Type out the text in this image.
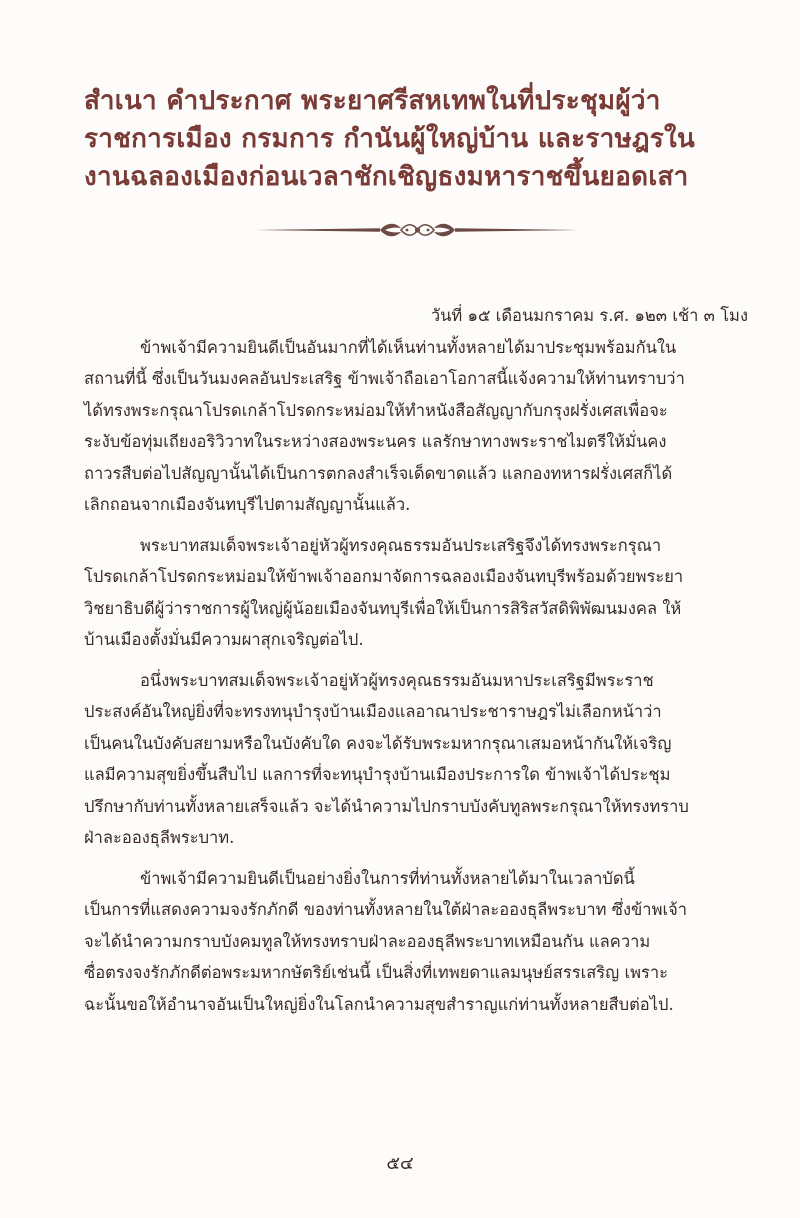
สำเนา คำประกาศ พระยาศรีสหเทพในที่ประชุมผู้ว่า
ราชการเมือง กรมการ กำนันผู้ใหญ่บ้าน และราษฎรใน
งานฉลองเมืองก่อนเวลาชักเชิญธงมหาราชขึ้นยอดเสา
วันที่ ๑๕ เดือนมกราคม ร.ศ. ๑๒๓ เช้า ๓ โมง
ข้าพเจ้ามีความยินดีเป็นอันมากที่ได้เห็นท่านทั้งหลายได้มาประชุมพร้อมกันใน
สถานที่นี้ ซึ่งเป็นวันมงคลอันประเสริฐ ข้าพเจ้าถือเอาโอกาสนี้แจ้งความให้ท่านทราบว่า
ได้ทรงพระกรุณาโปรดเกล้าโปรดกระหม่อมให้ทำหนังสือสัญญากับกรุงฝรั่งเศสเพื่อจะ
ระงับข้อทุ่มเถียงอริวิวาทในระหว่างสองพระนคร แลรักษาทางพระราชไมตรีให้มั่นคง
ถาวรสืบต่อไปสัญญานั้นได้เป็นการตกลงสำเร็จเด็ดขาดแล้ว แลกองทหารฝรั่งเศสก็ได้
เลิกถอนจากเมืองจันทบุรีไปตามสัญญานั้นแล้ว.
พระบาทสมเด็จพระเจ้าอยู่หัวผู้ทรงคุณธรรมอันประเสริฐจึงได้ทรงพระกรุณา
โปรดเกล้าโปรดกระหม่อมให้ข้าพเจ้าออกมาจัดการฉลองเมืองจันทบุรีพร้อมด้วยพระยา
วิชยาธิบดีผู้ว่าราชการผู้ใหญ่ผู้น้อยเมืองจันทบุรีเพื่อให้เป็นการสิริสวัสดิพิพัฒนมงคล ให้
บ้านเมืองตั้งมั่นมีความผาสุกเจริญต่อไป.
อนึ่งพระบาทสมเด็จพระเจ้าอยู่หัวผู้ทรงคุณธรรมอันมหาประเสริฐมีพระราช
ประสงค์อันใหญ่ยิ่งที่จะทรงทนุบำรุงบ้านเมืองแลอาณาประชาราษฎรไม่เลือกหน้าว่า
เป็นคนในบังคับสยามหรือในบังคับใด คงจะได้รับพระมหากรุณาเสมอหน้ากันให้เจริญ
แลมีความสุขยิ่งขึ้นสืบไป แลการที่จะทนุบำรุงบ้านเมืองประการใด ข้าพเจ้าได้ประชุม
ปรึกษากับท่านทั้งหลายเสร็จแล้ว จะได้นำความไปกราบบังคับทูลพระกรุณาให้ทรงทราบ
ฝ่าละอองธุลีพระบาท.
ข้าพเจ้ามีความยินดีเป็นอย่างยิ่งในการที่ท่านทั้งหลายได้มาในเวลาบัดนี้
เป็นการที่แสดงความจงรักภักดี ของท่านทั้งหลายในใต้ฝ่าละอองธุลีพระบาท ซึ่งข้าพเจ้า
จะได้นำความกราบบังคมทูลให้ทรงทราบฝ่าละอองธุลีพระบาทเหมือนกัน แลความ
ซื่อตรงจงรักภักดีต่อพระมหากษัตริย์เช่นนี้ เป็นสิ่งที่เทพยดาแลมนุษย์สรรเสริญ เพราะ
ฉะนั้นขอให้อำนาจอันเป็นใหญ่ยิ่งในโลกนำความสุขสำราญแก่ท่านทั้งหลายสืบต่อไป.
๕๔
